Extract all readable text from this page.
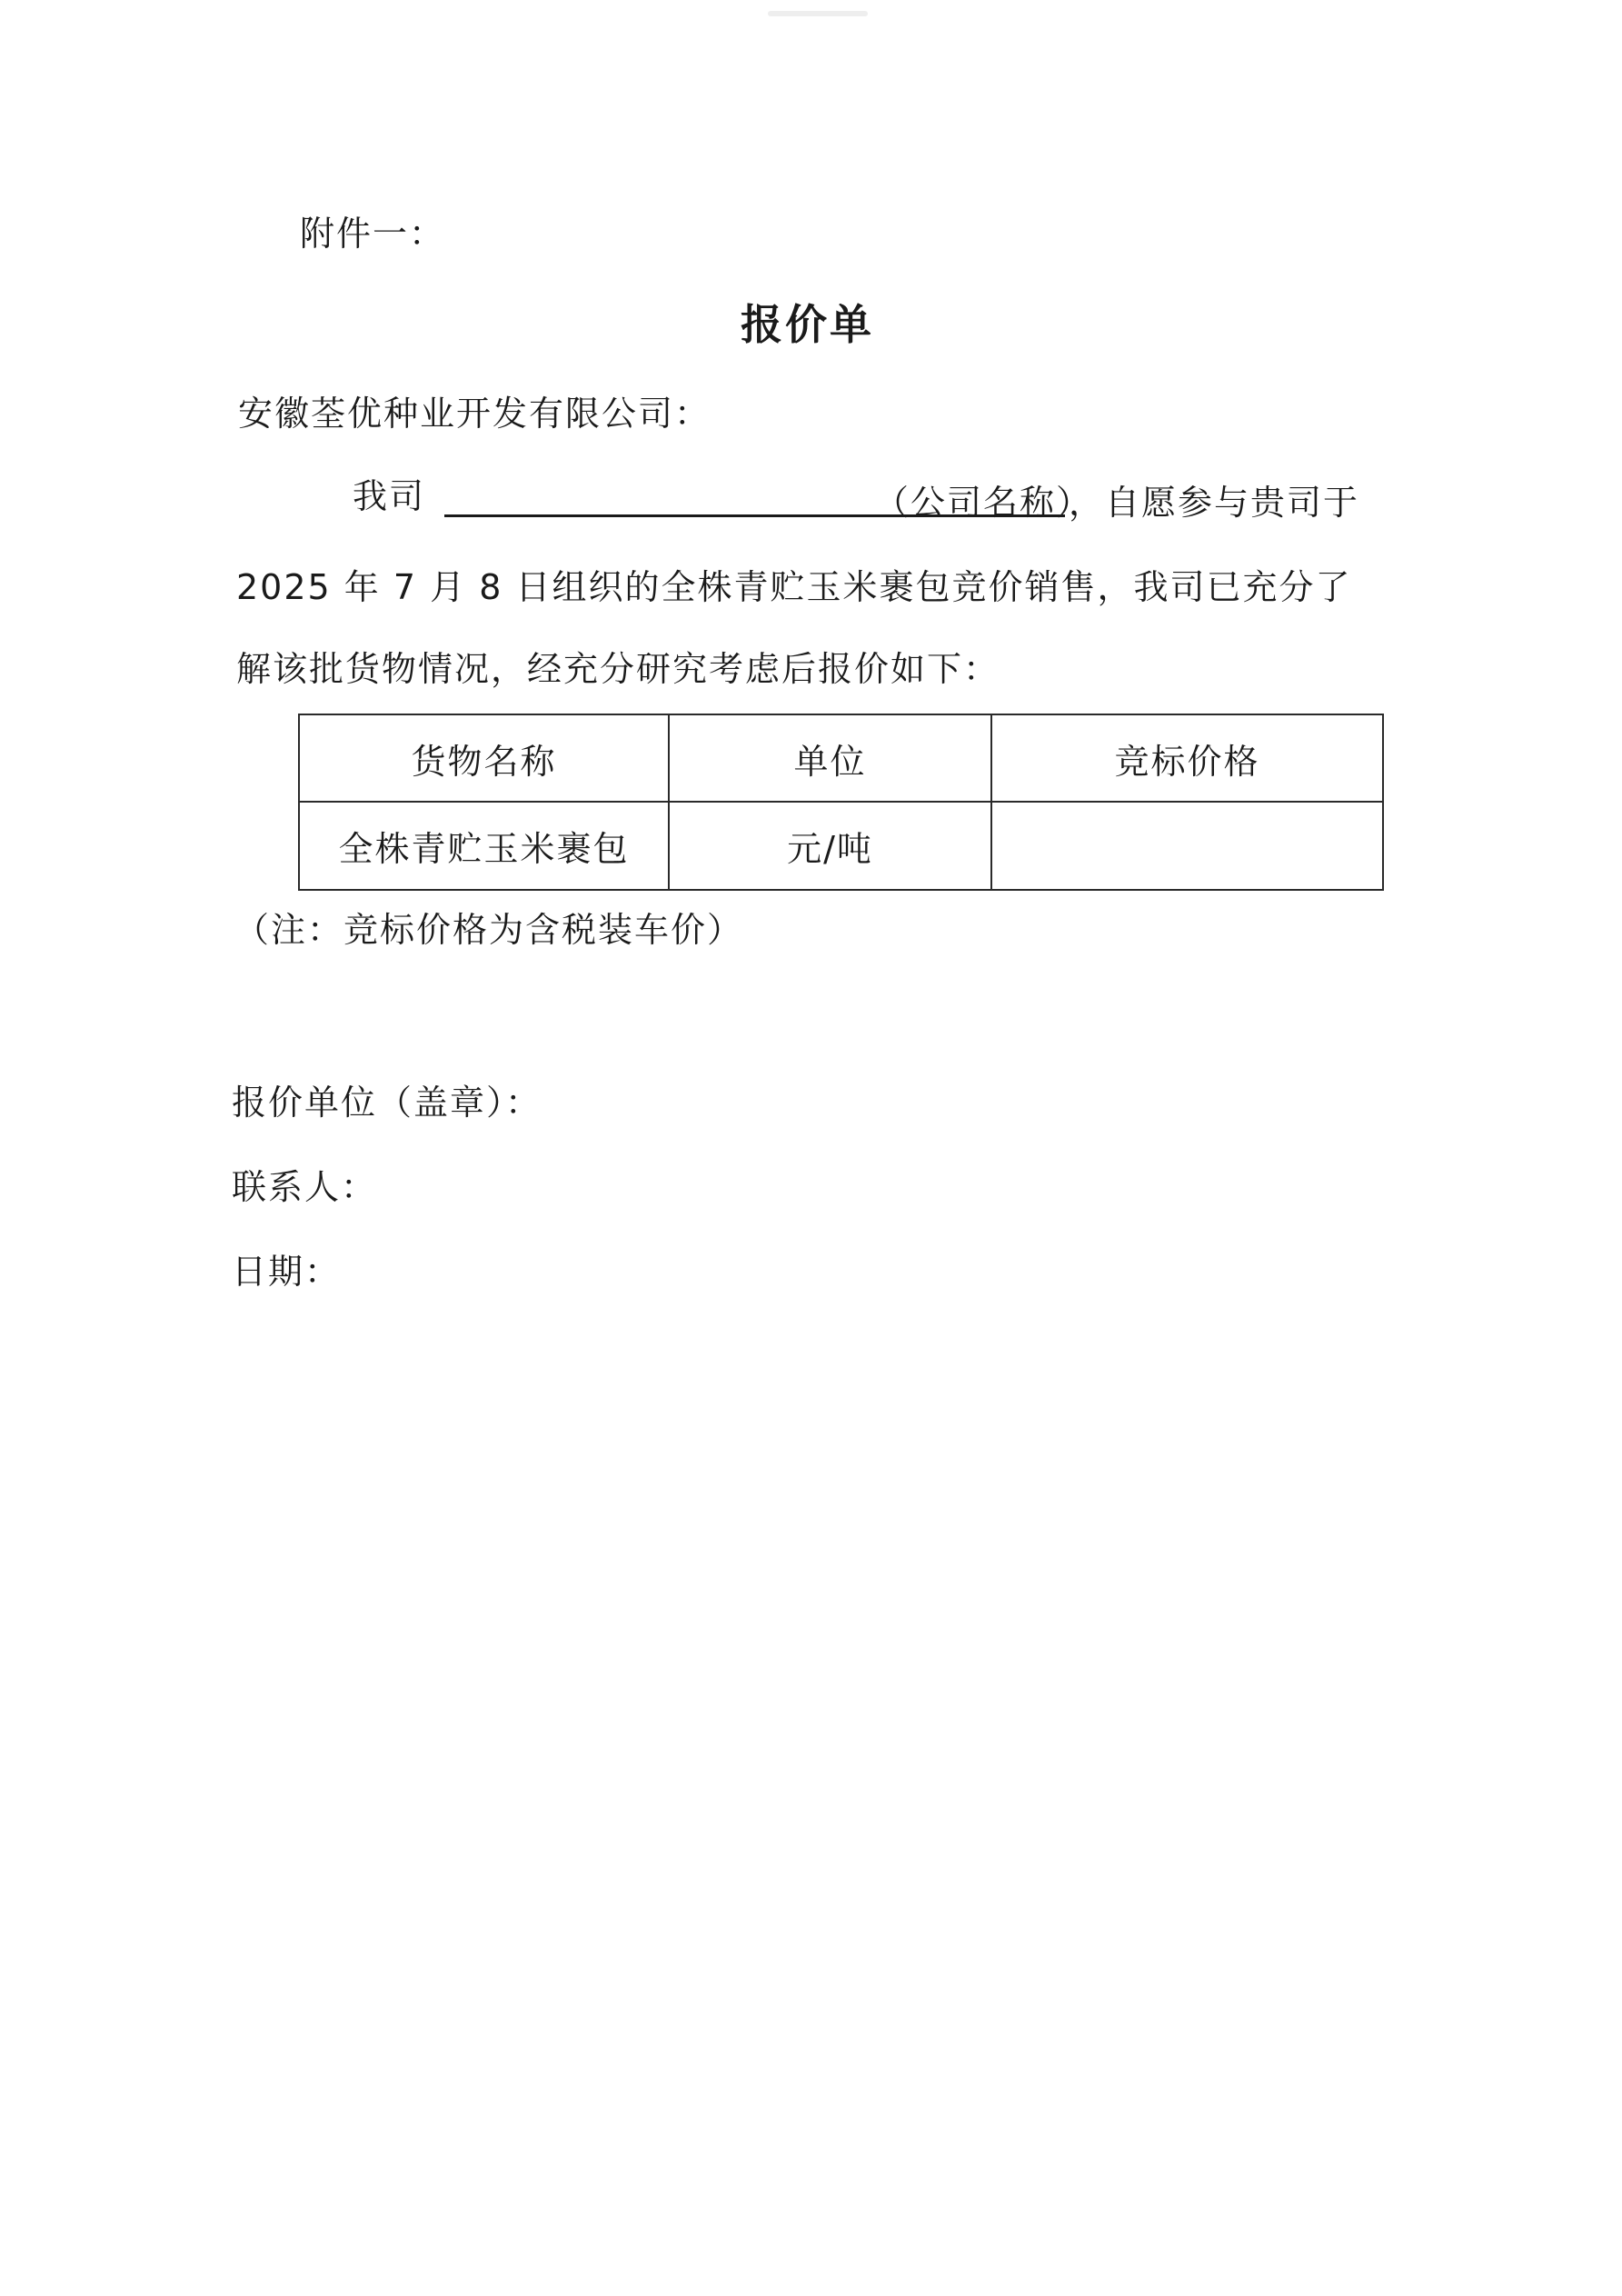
附件一：
报价单
安徽荃优种业开发有限公司：
我司	（公司名称）
，自愿参与贵司于
2025 年 7 月 8 日组织的全株青贮玉米裹包竞价销售，我司已充分了
解该批货物情况，经充分研究考虑后报价如下：
货物名称	单位	竞标价格
全株青贮玉米裹包	元/吨	
（注：竞标价格为含税装车价）
报价单位（盖章）：
联系人：
日期：
